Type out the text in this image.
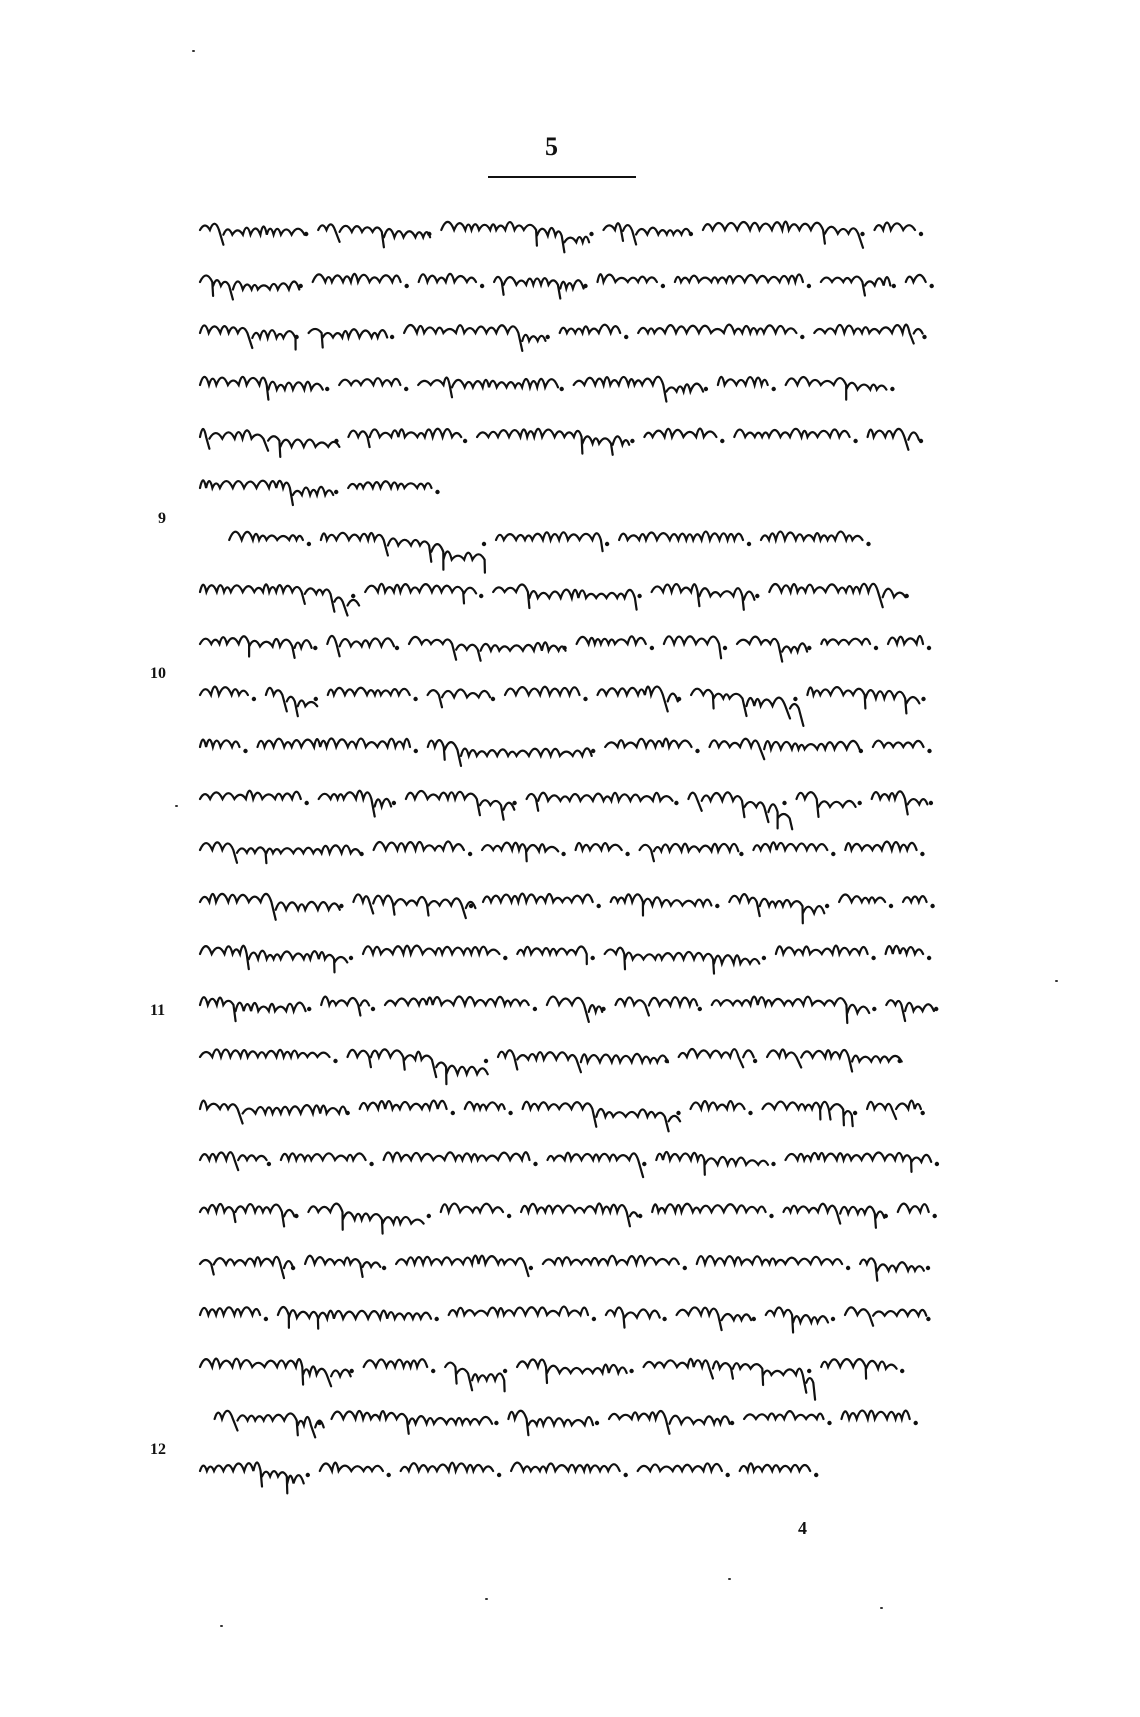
5
9
10
11
12
4
